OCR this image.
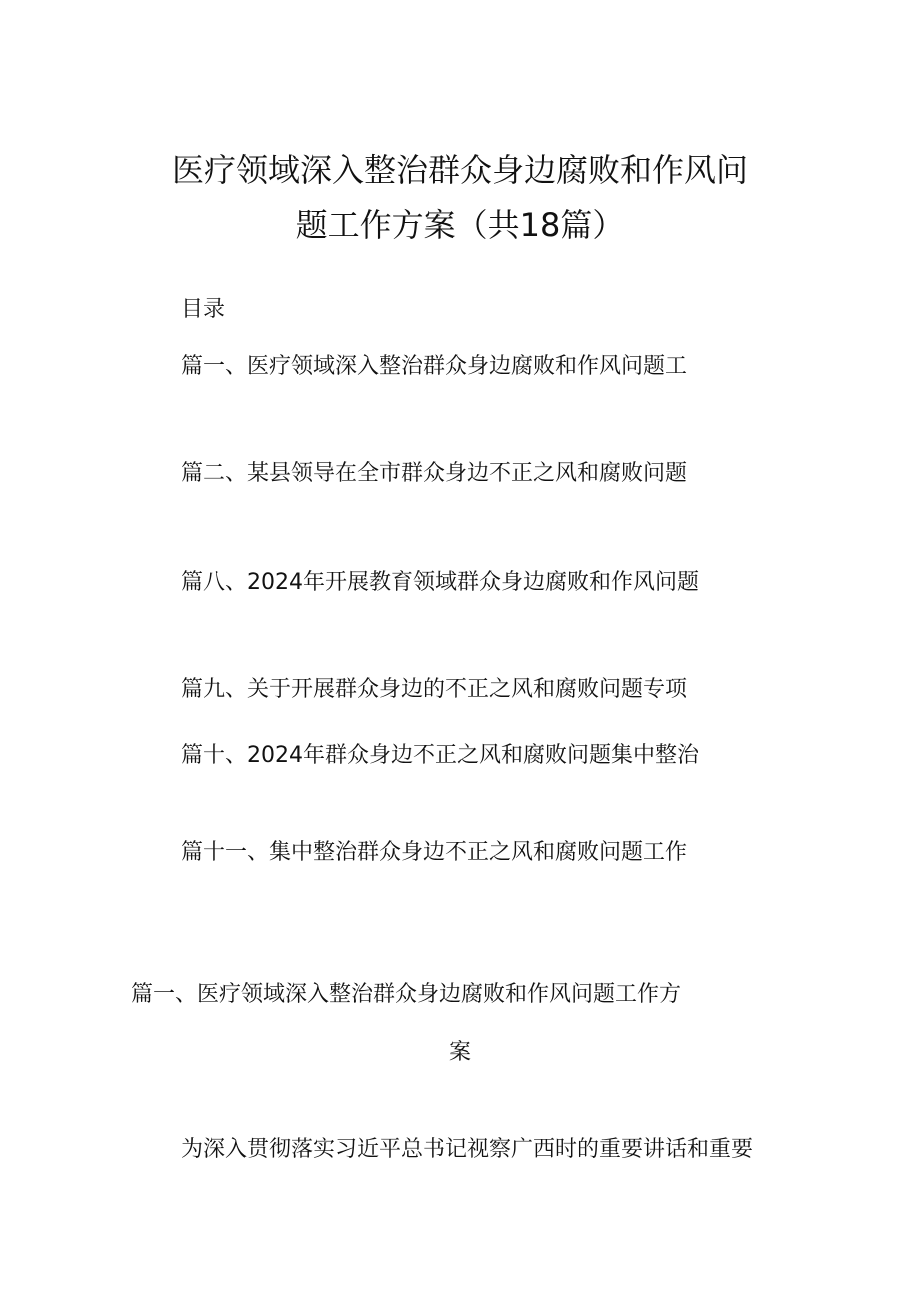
医疗领域深入整治群众身边腐败和作风问
题工作方案（共18篇）
目录
篇一、医疗领域深入整治群众身边腐败和作风问题工
篇二、某县领导在全市群众身边不正之风和腐败问题
篇八、2024年开展教育领域群众身边腐败和作风问题
篇九、关于开展群众身边的不正之风和腐败问题专项
篇十、2024年群众身边不正之风和腐败问题集中整治
篇十一、集中整治群众身边不正之风和腐败问题工作
篇一、医疗领域深入整治群众身边腐败和作风问题工作方
案
为深入贯彻落实习近平总书记视察广西时的重要讲话和重要
